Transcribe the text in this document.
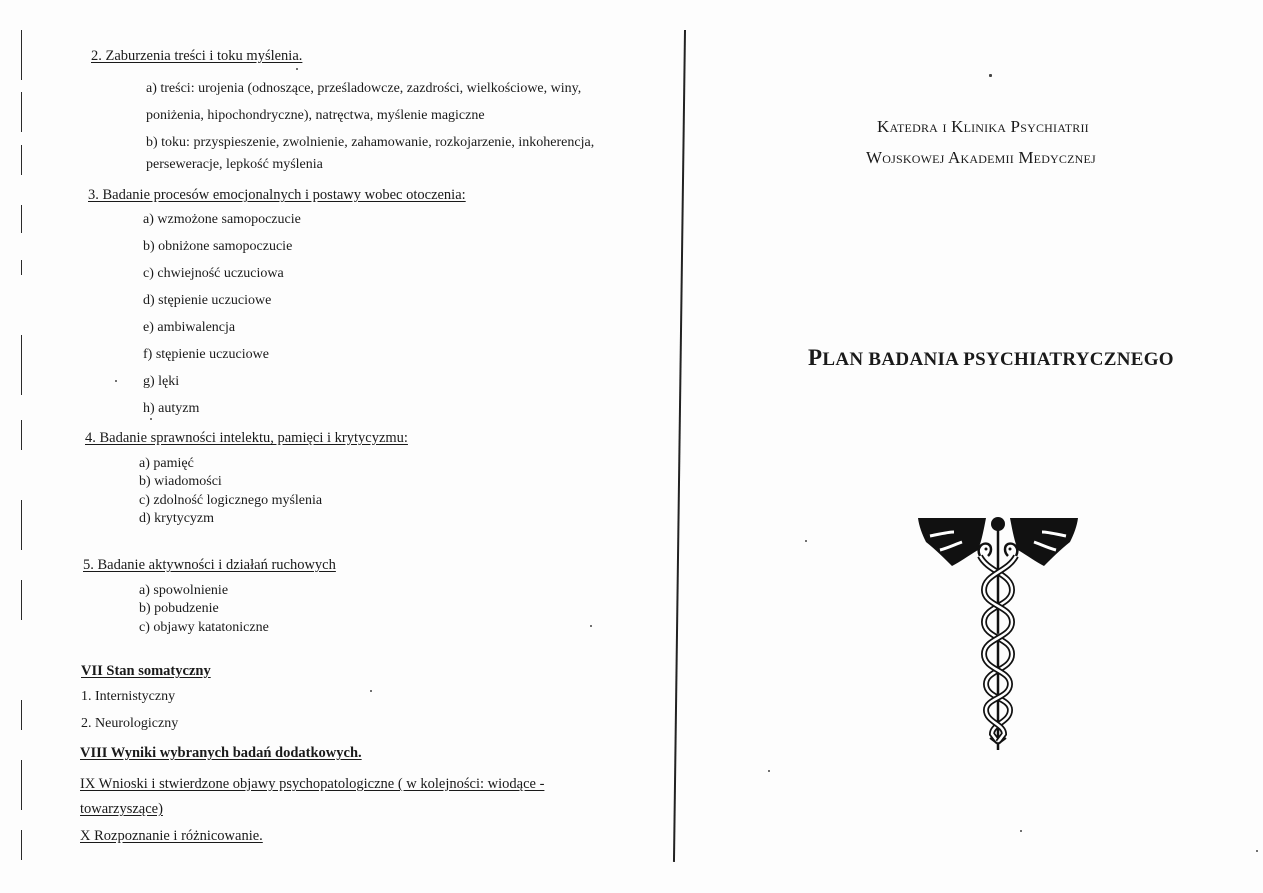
2. Zaburzenia treści i toku myślenia.
a) treści: urojenia (odnoszące, prześladowcze, zazdrości, wielkościowe, winy,
poniżenia, hipochondryczne), natręctwa, myślenie magiczne
b) toku: przyspieszenie, zwolnienie, zahamowanie, rozkojarzenie, inkoherencja,
perseweracje, lepkość myślenia
3. Badanie procesów emocjonalnych i postawy wobec otoczenia:
a) wzmożone samopoczucie
b) obniżone samopoczucie
c) chwiejność uczuciowa
d) stępienie uczuciowe
e) ambiwalencja
f) stępienie uczuciowe
g) lęki
h) autyzm
4. Badanie sprawności intelektu, pamięci i krytycyzmu:
a) pamięć
b) wiadomości
c) zdolność logicznego myślenia
d) krytycyzm
5. Badanie aktywności i działań ruchowych
a) spowolnienie
b) pobudzenie
c) objawy katatoniczne
VII Stan somatyczny
1. Internistyczny
2. Neurologiczny
VIII Wyniki wybranych badań dodatkowych.
IX Wnioski i stwierdzone objawy psychopatologiczne ( w kolejności: wiodące -
towarzyszące)
X Rozpoznanie i różnicowanie.
Katedra i Klinika Psychiatrii
Wojskowej Akademii Medycznej
PLAN BADANIA PSYCHIATRYCZNEGO
